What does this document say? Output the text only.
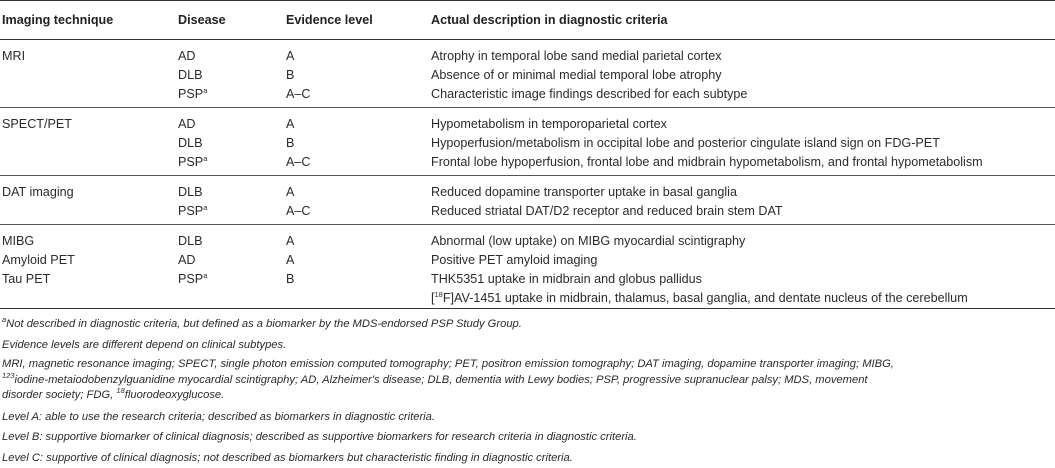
Imaging technique	Disease	Evidence level	Actual description in diagnostic criteria
MRI	AD	A	Atrophy in temporal lobe sand medial parietal cortex
	DLB	B	Absence of or minimal medial temporal lobe atrophy
	PSP$^a$	A–C	Characteristic image findings described for each subtype
SPECT/PET	AD	A	Hypometabolism in temporoparietal cortex
	DLB	B	Hypoperfusion/metabolism in occipital lobe and posterior cingulate island sign on FDG-PET
	PSP$^a$	A–C	Frontal lobe hypoperfusion, frontal lobe and midbrain hypometabolism, and frontal hypometabolism
DAT imaging	DLB	A	Reduced dopamine transporter uptake in basal ganglia
	PSP$^a$	A–C	Reduced striatal DAT/D2 receptor and reduced brain stem DAT
MIBG	DLB	A	Abnormal (low uptake) on MIBG myocardial scintigraphy
Amyloid PET	AD	A	Positive PET amyloid imaging
Tau PET	PSP$^a$	B	THK5351 uptake in midbrain and globus pallidus
			[$^{18}$F]AV-1451 uptake in midbrain, thalamus, basal ganglia, and dentate nucleus of the cerebellum

$^a$Not described in diagnostic criteria, but defined as a biomarker by the MDS-endorsed PSP Study Group.

Evidence levels are different depend on clinical subtypes.

MRI, magnetic resonance imaging; SPECT, single photon emission computed tomography; PET, positron emission tomography; DAT imaging, dopamine transporter imaging; MIBG,
$^{123}$iodine-metaiodobenzylguanidine myocardial scintigraphy; AD, Alzheimer's disease; DLB, dementia with Lewy bodies; PSP, progressive supranuclear palsy; MDS, movement
disorder society; FDG, $^{18}$fluorodeoxyglucose.

Level A: able to use the research criteria; described as biomarkers in diagnostic criteria.

Level B: supportive biomarker of clinical diagnosis; described as supportive biomarkers for research criteria in diagnostic criteria.

Level C: supportive of clinical diagnosis; not described as biomarkers but characteristic finding in diagnostic criteria.
